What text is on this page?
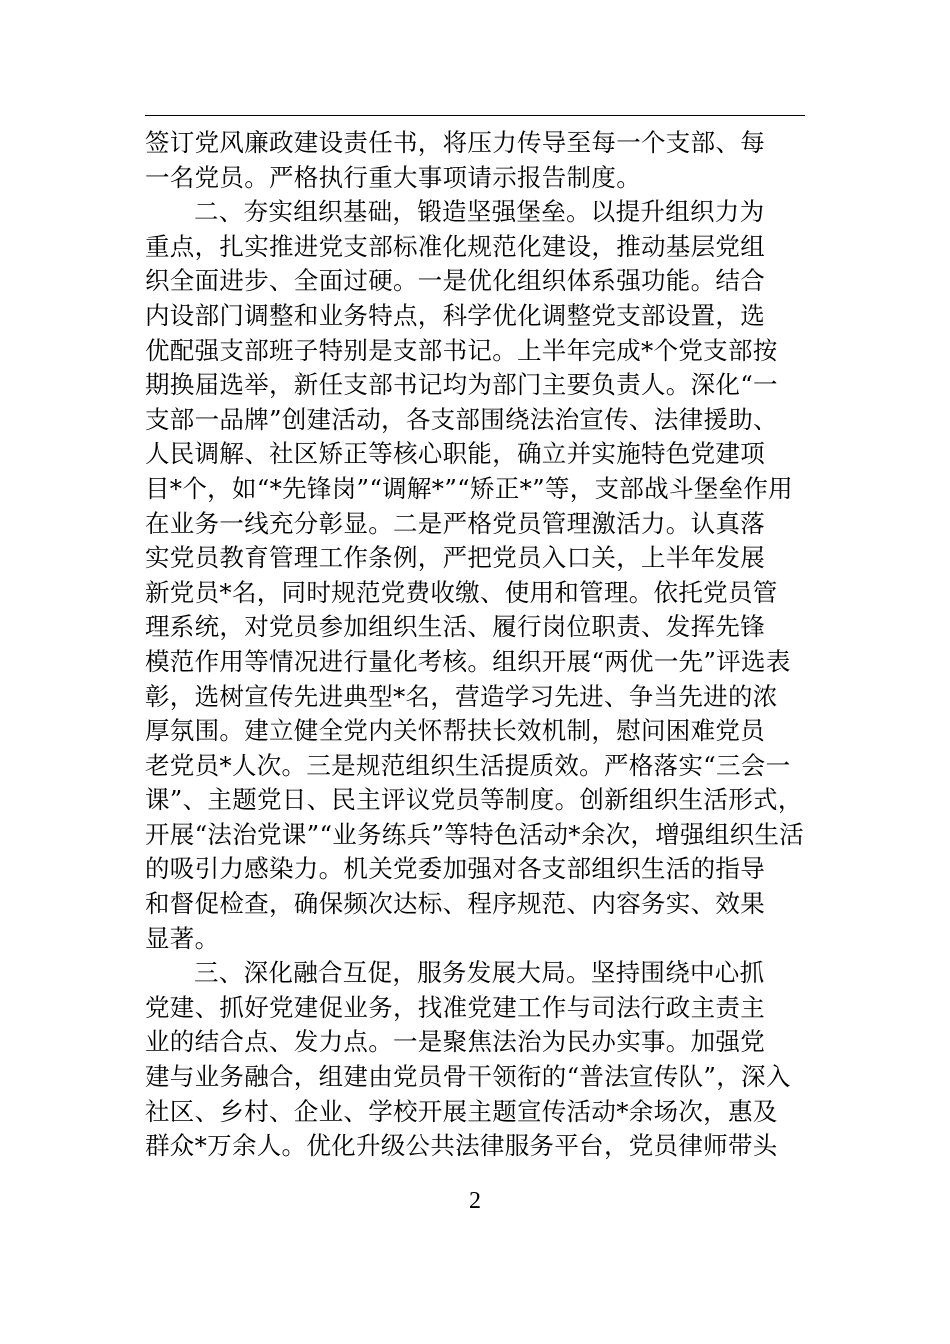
签订党风廉政建设责任书，将压力传导至每一个支部、每
一名党员。严格执行重大事项请示报告制度。
二、夯实组织基础，锻造坚强堡垒。以提升组织力为
重点，扎实推进党支部标准化规范化建设，推动基层党组
织全面进步、全面过硬。一是优化组织体系强功能。结合
内设部门调整和业务特点，科学优化调整党支部设置，选
优配强支部班子特别是支部书记。上半年完成*个党支部按
期换届选举，新任支部书记均为部门主要负责人。深化“一
支部一品牌”创建活动，各支部围绕法治宣传、法律援助、
人民调解、社区矫正等核心职能，确立并实施特色党建项
目*个，如“*先锋岗”“调解*”“矫正*”等，支部战斗堡垒作用
在业务一线充分彰显。二是严格党员管理激活力。认真落
实党员教育管理工作条例，严把党员入口关，上半年发展
新党员*名，同时规范党费收缴、使用和管理。依托党员管
理系统，对党员参加组织生活、履行岗位职责、发挥先锋
模范作用等情况进行量化考核。组织开展“两优一先”评选表
彰，选树宣传先进典型*名，营造学习先进、争当先进的浓
厚氛围。建立健全党内关怀帮扶长效机制，慰问困难党员
老党员*人次。三是规范组织生活提质效。严格落实“三会一
课”、主题党日、民主评议党员等制度。创新组织生活形式，
开展“法治党课”“业务练兵”等特色活动*余次，增强组织生活
的吸引力感染力。机关党委加强对各支部组织生活的指导
和督促检查，确保频次达标、程序规范、内容务实、效果
显著。
三、深化融合互促，服务发展大局。坚持围绕中心抓
党建、抓好党建促业务，找准党建工作与司法行政主责主
业的结合点、发力点。一是聚焦法治为民办实事。加强党
建与业务融合，组建由党员骨干领衔的“普法宣传队”，深入
社区、乡村、企业、学校开展主题宣传活动*余场次，惠及
群众*万余人。优化升级公共法律服务平台，党员律师带头
2
